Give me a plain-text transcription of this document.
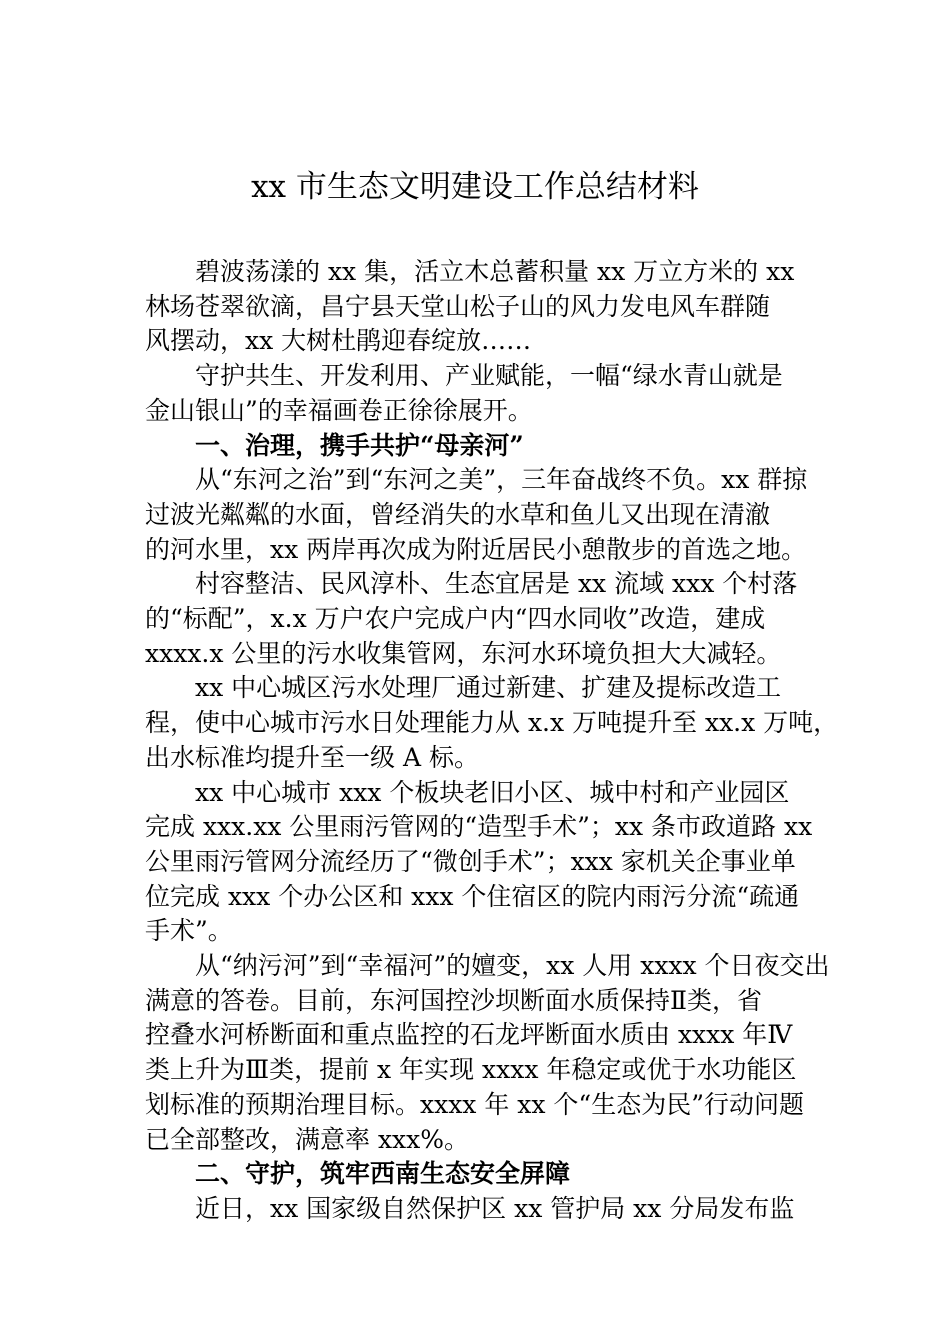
xx 市生态文明建设工作总结材料

碧波荡漾的 xx 集，活立木总蓄积量 xx 万立方米的 xx
林场苍翠欲滴，昌宁县天堂山松子山的风力发电风车群随
风摆动，xx 大树杜鹃迎春绽放……

守护共生、开发利用、产业赋能，一幅“绿水青山就是
金山银山”的幸福画卷正徐徐展开。

一、治理，携手共护“母亲河”

从“东河之治”到“东河之美”，三年奋战终不负。xx 群掠
过波光粼粼的水面，曾经消失的水草和鱼儿又出现在清澈
的河水里，xx 两岸再次成为附近居民小憩散步的首选之地。

村容整洁、民风淳朴、生态宜居是 xx 流域 xxx 个村落
的“标配”，x.x 万户农户完成户内“四水同收”改造，建成
xxxx.x 公里的污水收集管网，东河水环境负担大大减轻。

xx 中心城区污水处理厂通过新建、扩建及提标改造工
程，使中心城市污水日处理能力从 x.x 万吨提升至 xx.x 万吨，
出水标准均提升至一级 A 标。

xx 中心城市 xxx 个板块老旧小区、城中村和产业园区
完成 xxx.xx 公里雨污管网的“造型手术”；xx 条市政道路 xx
公里雨污管网分流经历了“微创手术”；xxx 家机关企事业单
位完成 xxx 个办公区和 xxx 个住宿区的院内雨污分流“疏通
手术”。

从“纳污河”到“幸福河”的嬗变，xx 人用 xxxx 个日夜交出
满意的答卷。目前，东河国控沙坝断面水质保持Ⅱ类，省
控叠水河桥断面和重点监控的石龙坪断面水质由 xxxx 年Ⅳ
类上升为Ⅲ类，提前 x 年实现 xxxx 年稳定或优于水功能区
划标准的预期治理目标。xxxx 年 xx 个“生态为民”行动问题
已全部整改，满意率 xxx%。

二、守护，筑牢西南生态安全屏障

近日，xx 国家级自然保护区 xx 管护局 xx 分局发布监
